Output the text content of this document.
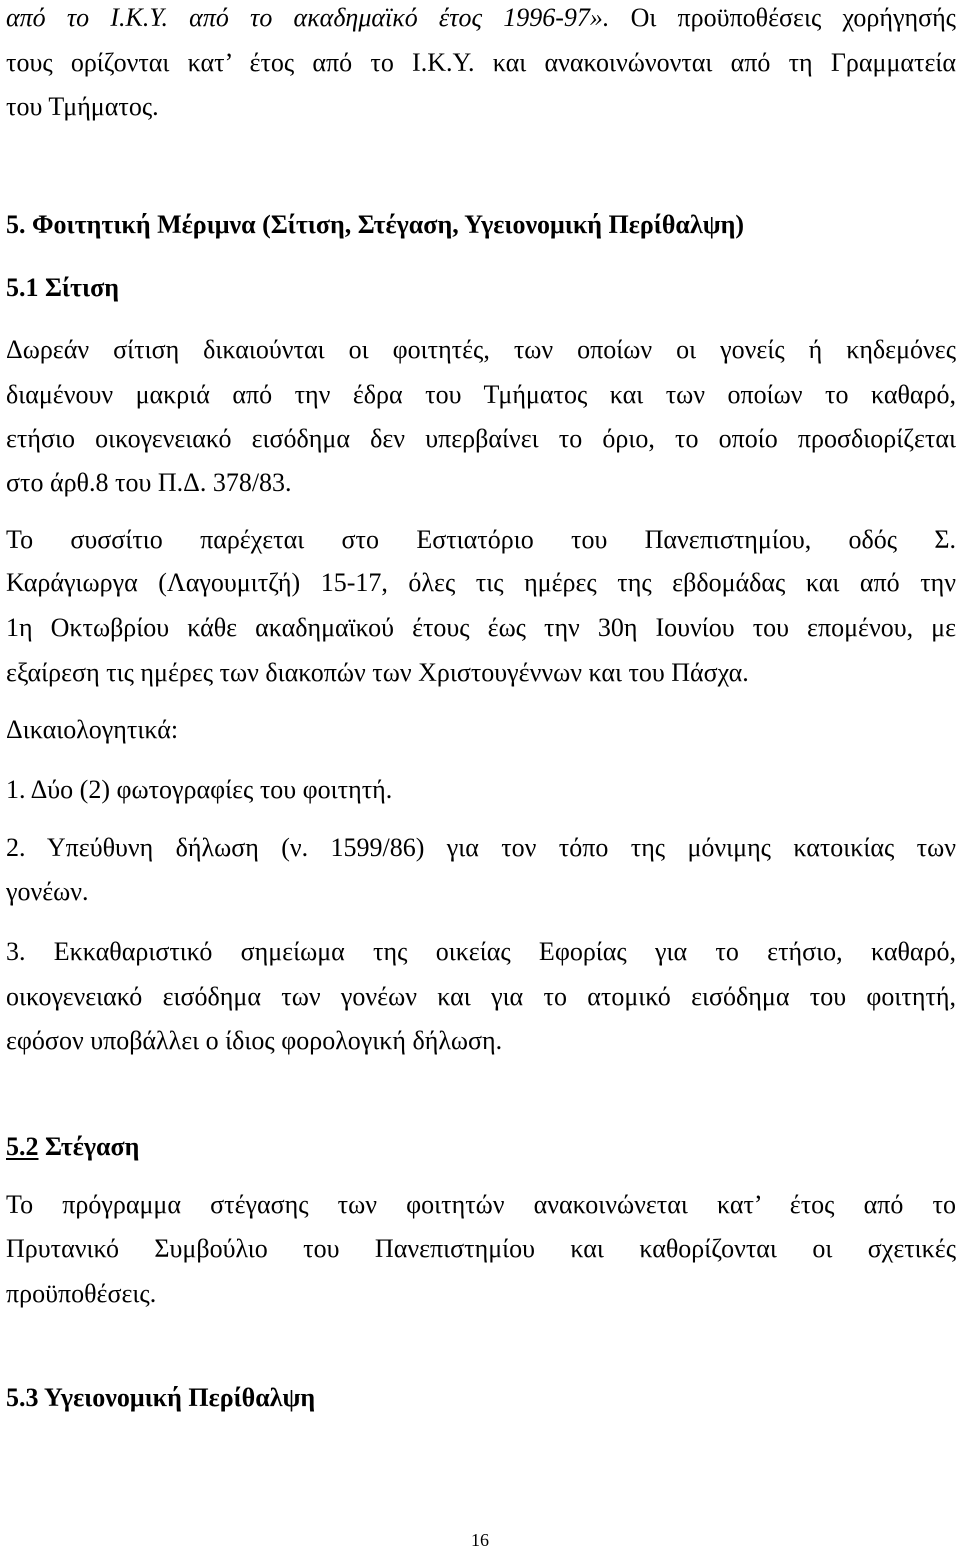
από το Ι.Κ.Υ. από το ακαδημαϊκό έτος 1996-97». Οι προϋποθέσεις χορήγησής
τους ορίζονται κατ’ έτος από το Ι.Κ.Υ. και ανακοινώνονται από τη Γραμματεία
του Τμήματος.
5. Φοιτητική Μέριμνα (Σίτιση, Στέγαση, Υγειονομική Περίθαλψη)
5.1 Σίτιση
Δωρεάν σίτιση δικαιούνται οι φοιτητές, των οποίων οι γονείς ή κηδεμόνες
διαμένουν μακριά από την έδρα του Τμήματος και των οποίων το καθαρό,
ετήσιο οικογενειακό εισόδημα δεν υπερβαίνει το όριο, το οποίο προσδιορίζεται
στο άρθ.8 του Π.Δ. 378/83.
Το συσσίτιο παρέχεται στο Εστιατόριο του Πανεπιστημίου, οδός Σ.
Καράγιωργα (Λαγουμιτζή) 15-17, όλες τις ημέρες της εβδομάδας και από την
1η Οκτωβρίου κάθε ακαδημαϊκού έτους έως την 30η Ιουνίου του επομένου, με
εξαίρεση τις ημέρες των διακοπών των Χριστουγέννων και του Πάσχα.
Δικαιολογητικά:
1. Δύο (2) φωτογραφίες του φοιτητή.
2. Υπεύθυνη δήλωση (ν. 1599/86) για τον τόπο της μόνιμης κατοικίας των
γονέων.
3. Εκκαθαριστικό σημείωμα της οικείας Εφορίας για το ετήσιο, καθαρό,
οικογενειακό εισόδημα των γονέων και για το ατομικό εισόδημα του φοιτητή,
εφόσον υποβάλλει ο ίδιος φορολογική δήλωση.
5.2 Στέγαση
Το πρόγραμμα στέγασης των φοιτητών ανακοινώνεται κατ’ έτος από το
Πρυτανικό Συμβούλιο του Πανεπιστημίου και καθορίζονται οι σχετικές
προϋποθέσεις.
5.3 Υγειονομική Περίθαλψη
16
